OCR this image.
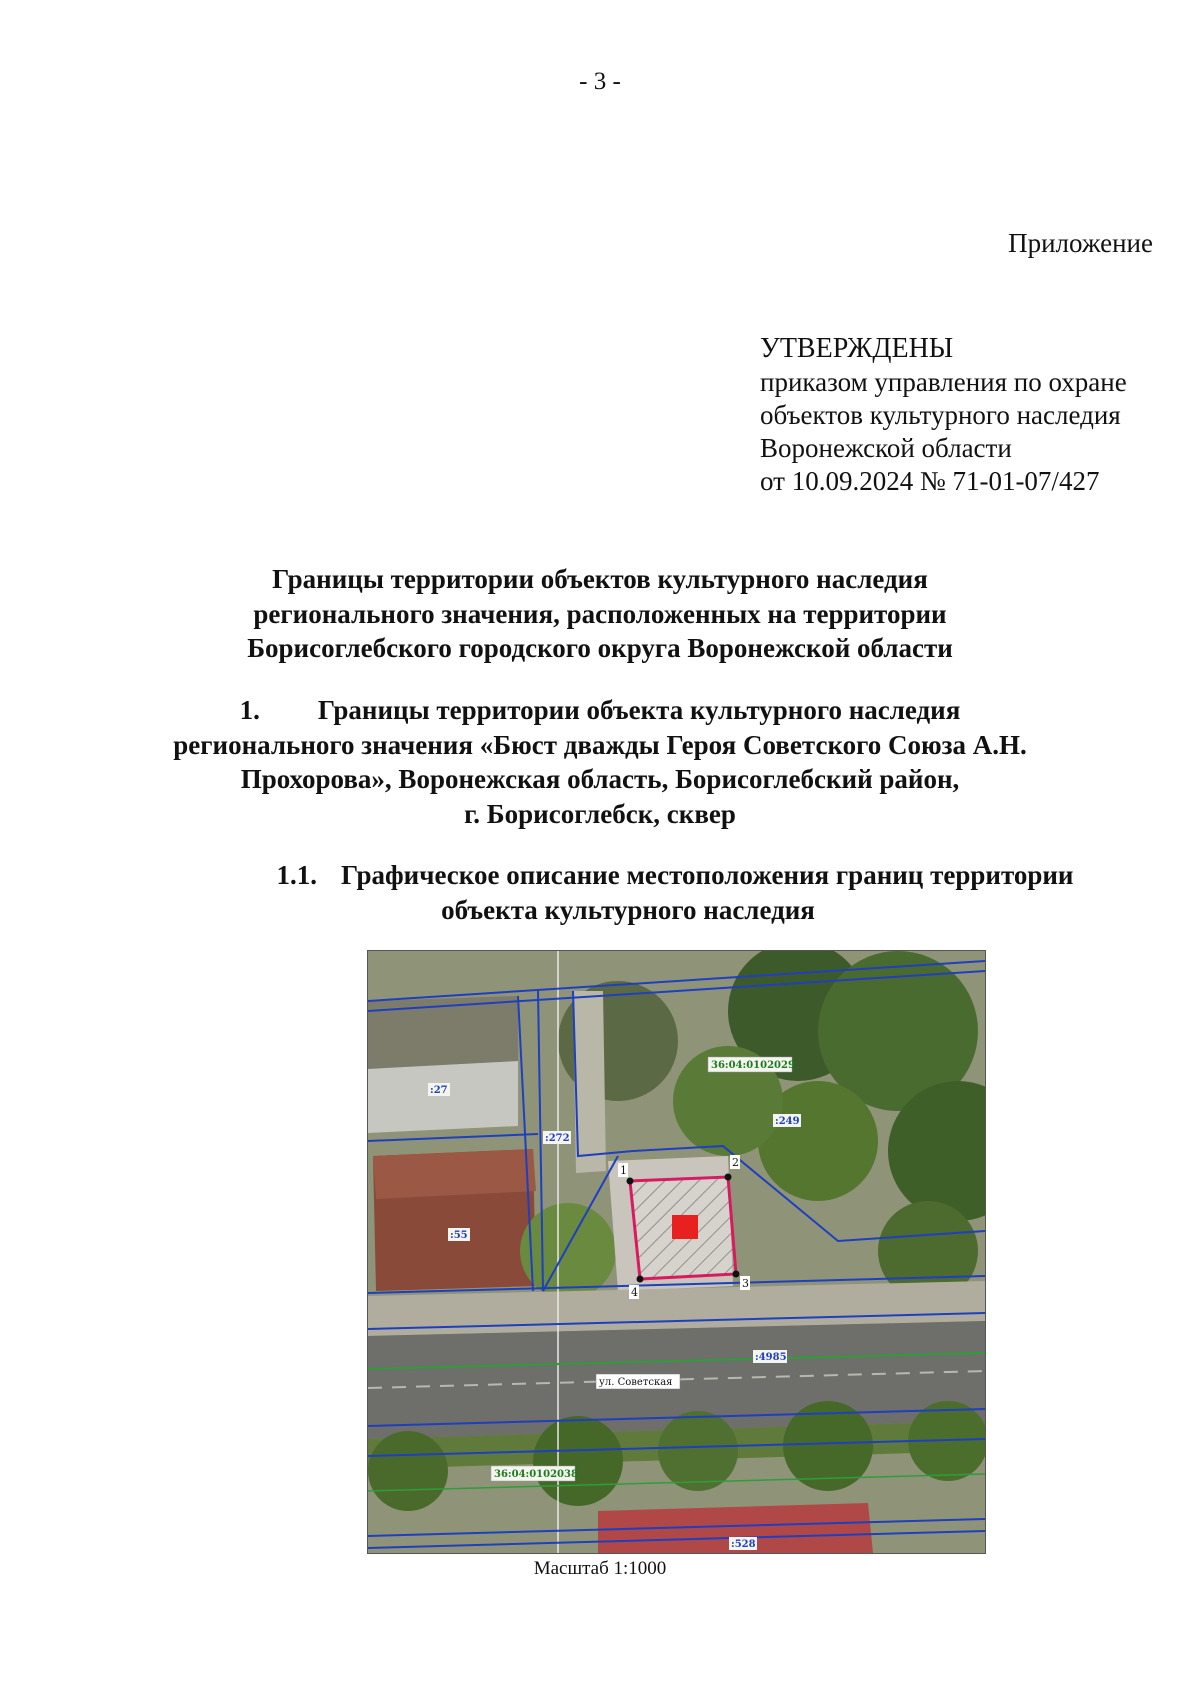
- 3 -
Приложение
УТВЕРЖДЕНЫ
приказом управления по охране
объектов культурного наследия
Воронежской области
от 10.09.2024 № 71-01-07/427
Границы территории объектов культурного наследия
регионального значения, расположенных на территории
Борисоглебского городского округа Воронежской области
1. Границы территории объекта культурного наследия
регионального значения «Бюст дважды Героя Советского Союза А.Н.
Прохорова», Воронежская область, Борисоглебский район,
г. Борисоглебск, сквер
1.1. Графическое описание местоположения границ территории
объекта культурного наследия
1
2
3
4
36:04:0102029
36:04:0102038
:27
:272
:249
:55
:4985
:528
ул. Советская
Масштаб 1:1000
